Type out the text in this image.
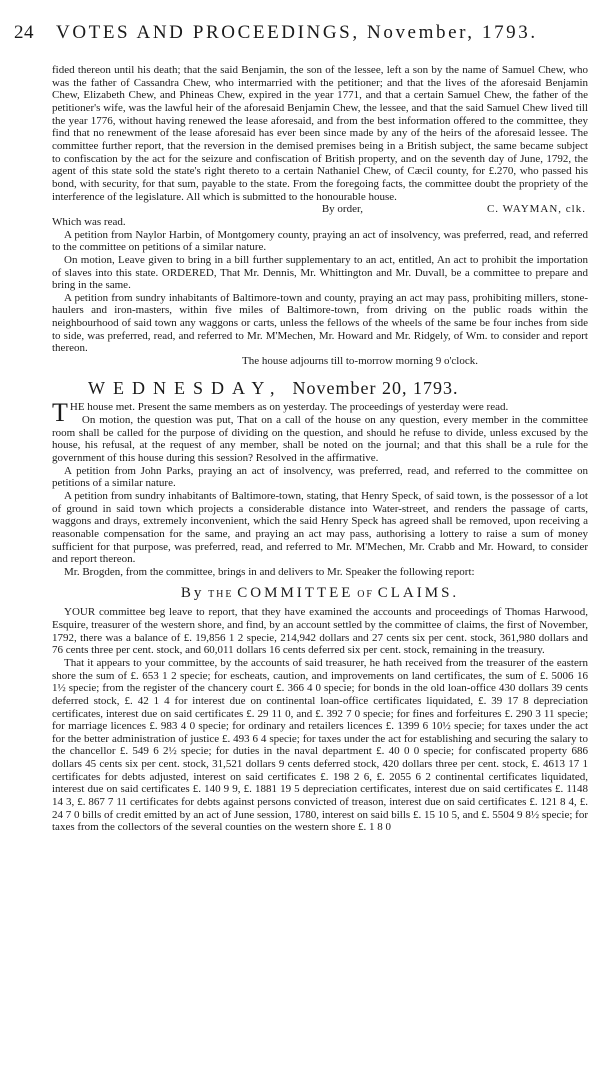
24	VOTES AND PROCEEDINGS, November, 1793.

fided thereon until his death; that the said Benjamin, the son of the lessee, left a son by the name of Samuel Chew, who was the father of Cassandra Chew, who intermarried with the petitioner; and that the lives of the aforesaid Benjamin Chew, Elizabeth Chew, and Phineas Chew, expired in the year 1771, and that a certain Samuel Chew, the father of the petitioner's wife, was the lawful heir of the aforesaid Benjamin Chew, the lessee, and that the said Samuel Chew lived till the year 1776, without having renewed the lease aforesaid, and from the best information offered to the committee, they find that no renewment of the lease aforesaid has ever been since made by any of the heirs of the aforesaid lessee. The committee further report, that the reversion in the demised premises being in a British subject, the same became subject to confiscation by the act for the seizure and confiscation of British property, and on the seventh day of June, 1792, the agent of this state sold the state's right thereto to a certain Nathaniel Chew, of Cæcil county, for £.270, who passed his bond, with security, for that sum, payable to the state. From the foregoing facts, the committee doubt the propriety of the interference of the legislature. All which is submitted to the honourable house.

By order,	C. WAYMAN, clk.

Which was read.

A petition from Naylor Harbin, of Montgomery county, praying an act of insolvency, was preferred, read, and referred to the committee on petitions of a similar nature.

On motion, Leave given to bring in a bill further supplementary to an act, entitled, An act to prohibit the importation of slaves into this state. ORDERED, That Mr. Dennis, Mr. Whittington and Mr. Duvall, be a committee to prepare and bring in the same.

A petition from sundry inhabitants of Baltimore-town and county, praying an act may pass, prohibiting millers, stone-haulers and iron-masters, within five miles of Baltimore-town, from driving on the public roads within the neighbourhood of said town any waggons or carts, unless the fellows of the wheels of the same be four inches from side to side, was preferred, read, and referred to Mr. M'Mechen, Mr. Howard and Mr. Ridgely, of Wm. to consider and report thereon.

The house adjourns till to-morrow morning 9 o'clock.

WEDNESDAY, November 20, 1793.

THE house met. Present the same members as on yesterday. The proceedings of yesterday were read.

On motion, the question was put, That on a call of the house on any question, every member in the committee room shall be called for the purpose of dividing on the question, and should he refuse to divide, unless excused by the house, his refusal, at the request of any member, shall be noted on the journal; and that this shall be a rule for the government of this house during this session? Resolved in the affirmative.

A petition from John Parks, praying an act of insolvency, was preferred, read, and referred to the committee on petitions of a similar nature.

A petition from sundry inhabitants of Baltimore-town, stating, that Henry Speck, of said town, is the possessor of a lot of ground in said town which projects a considerable distance into Water-street, and renders the passage of carts, waggons and drays, extremely inconvenient, which the said Henry Speck has agreed shall be removed, upon receiving a reasonable compensation for the same, and praying an act may pass, authorising a lottery to raise a sum of money sufficient for that purpose, was preferred, read, and referred to Mr. M'Mechen, Mr. Crabb and Mr. Howard, to consider and report thereon.

Mr. Brogden, from the committee, brings in and delivers to Mr. Speaker the following report:

By THE COMMITTEE OF CLAIMS.

YOUR committee beg leave to report, that they have examined the accounts and proceedings of Thomas Harwood, Esquire, treasurer of the western shore, and find, by an account settled by the committee of claims, the first of November, 1792, there was a balance of £. 19,856 1 2 specie, 214,942 dollars and 27 cents six per cent. stock, 361,980 dollars and 76 cents three per cent. stock, and 60,011 dollars 16 cents deferred six per cent. stock, remaining in the treasury.

That it appears to your committee, by the accounts of said treasurer, he hath received from the treasurer of the eastern shore the sum of £. 653 1 2 specie; for escheats, caution, and improvements on land certificates, the sum of £. 5006 16 1½ specie; from the register of the chancery court £. 366 4 0 specie; for bonds in the old loan-office 430 dollars 39 cents deferred stock, £. 42 1 4 for interest due on continental loan-office certificates liquidated, £. 39 17 8 depreciation certificates, interest due on said certificates £. 29 11 0, and £. 392 7 0 specie; for fines and forfeitures £. 290 3 11 specie; for marriage licences £. 983 4 0 specie; for ordinary and retailers licences £. 1399 6 10½ specie; for taxes under the act for the better administration of justice £. 493 6 4 specie; for taxes under the act for establishing and securing the salary to the chancellor £. 549 6 2½ specie; for duties in the naval department £. 40 0 0 specie; for confiscated property 686 dollars 45 cents six per cent. stock, 31,521 dollars 9 cents deferred stock, 420 dollars three per cent. stock, £. 4613 17 1 certificates for debts adjusted, interest on said certificates £. 198 2 6, £. 2055 6 2 continental certificates liquidated, interest due on said certificates £. 140 9 9, £. 1881 19 5 depreciation certificates, interest due on said certificates £. 1148 14 3, £. 867 7 11 certificates for debts against persons convicted of treason, interest due on said certificates £. 121 8 4, £. 24 7 0 bills of credit emitted by an act of June session, 1780, interest on said bills £. 15 10 5, and £. 5504 9 8½ specie; for taxes from the collectors of the several counties on the western shore £. 1 8 0
